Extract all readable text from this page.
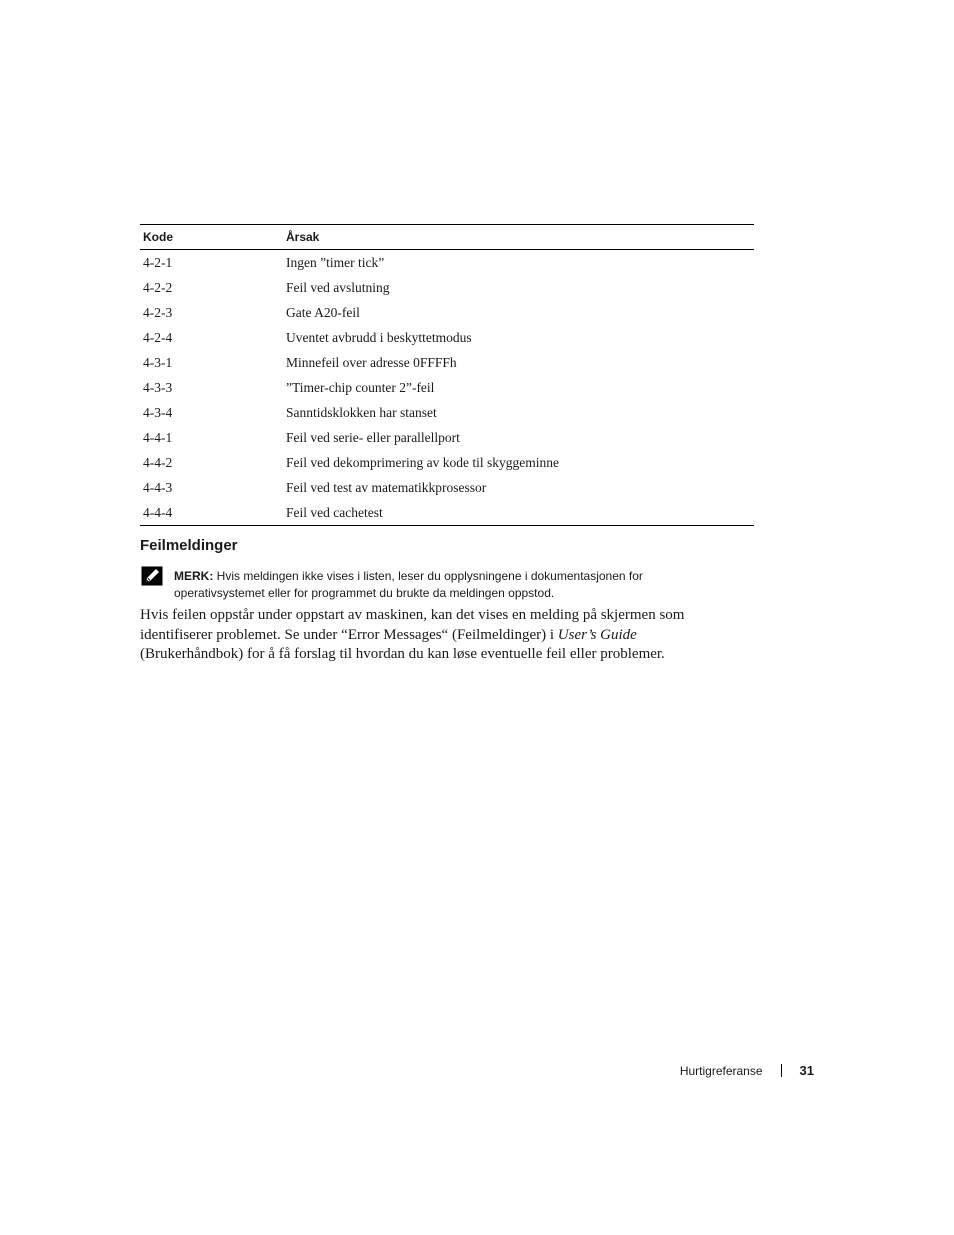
Kode	Årsak
4-2-1	Ingen ”timer tick”
4-2-2	Feil ved avslutning
4-2-3	Gate A20-feil
4-2-4	Uventet avbrudd i beskyttetmodus
4-3-1	Minnefeil over adresse 0FFFFh
4-3-3	”Timer-chip counter 2”-feil
4-3-4	Sanntidsklokken har stanset
4-4-1	Feil ved serie- eller parallellport
4-4-2	Feil ved dekomprimering av kode til skyggeminne
4-4-3	Feil ved test av matematikkprosessor
4-4-4	Feil ved cachetest
Feilmeldinger
MERK: Hvis meldingen ikke vises i listen, leser du opplysningene i dokumentasjonen for operativsystemet eller for programmet du brukte da meldingen oppstod.

Hvis feilen oppstår under oppstart av maskinen, kan det vises en melding på skjermen som identifiserer problemet. Se under “Error Messages“ (Feilmeldinger) i User’s Guide (Brukerhåndbok) for å få forslag til hvordan du kan løse eventuelle feil eller problemer.

Hurtigreferanse	31
